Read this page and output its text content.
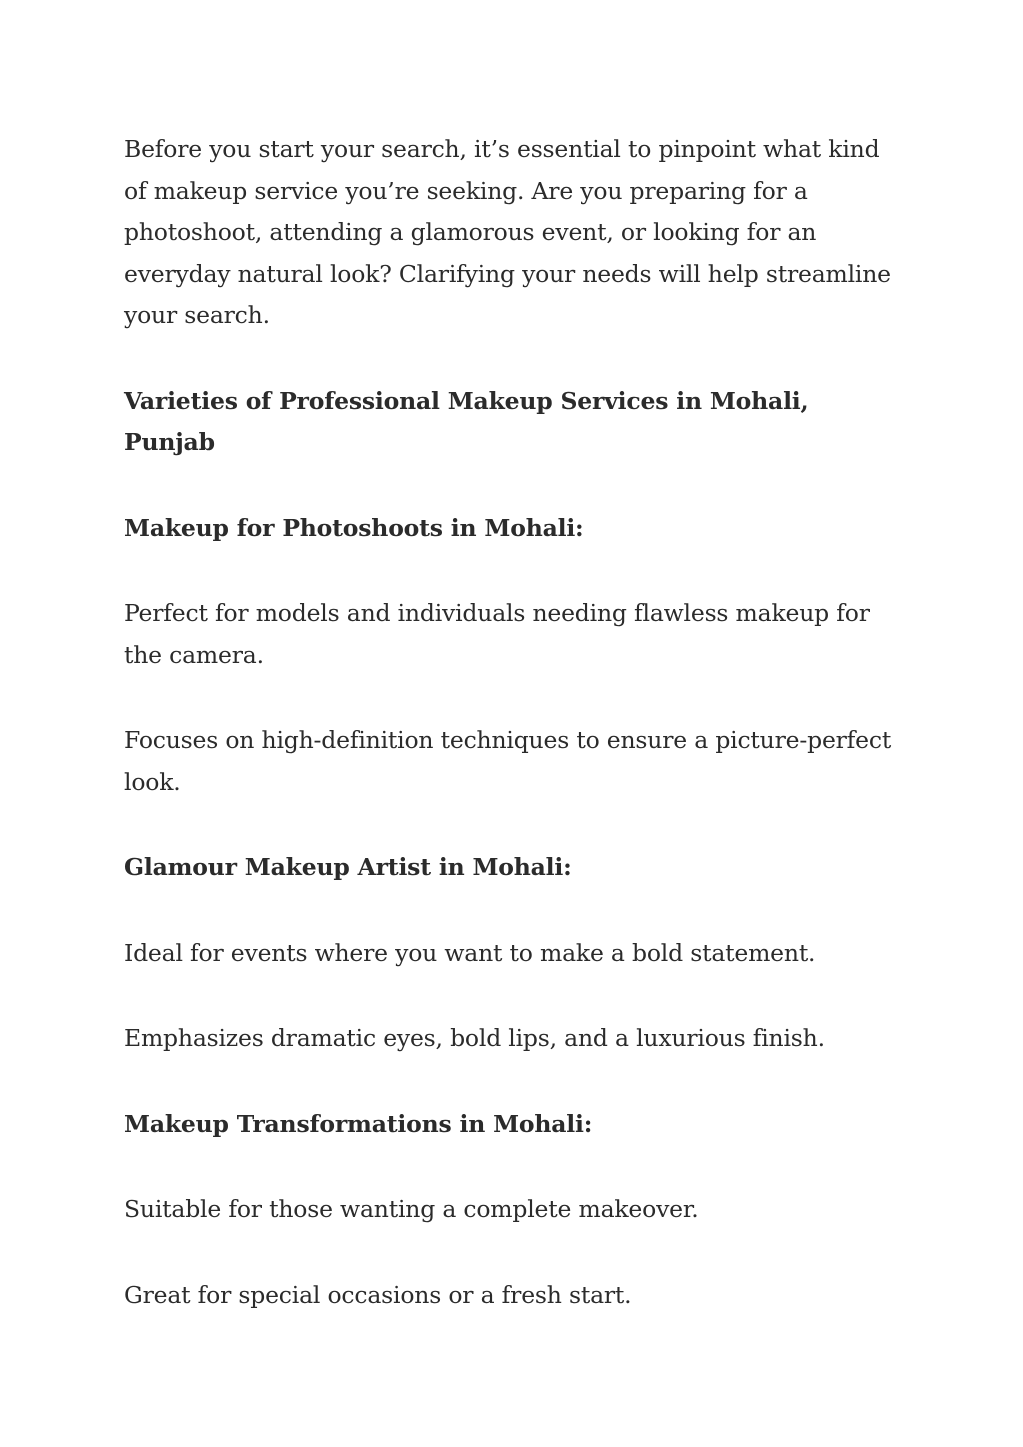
Before you start your search, it’s essential to pinpoint what kind of makeup service you’re seeking. Are you preparing for a photoshoot, attending a glamorous event, or looking for an everyday natural look? Clarifying your needs will help streamline your search.

Varieties of Professional Makeup Services in Mohali, Punjab
Makeup for Photoshoots in Mohali:

Perfect for models and individuals needing flawless makeup for the camera.

Focuses on high-definition techniques to ensure a picture-perfect look.

Glamour Makeup Artist in Mohali:

Ideal for events where you want to make a bold statement.

Emphasizes dramatic eyes, bold lips, and a luxurious finish.

Makeup Transformations in Mohali:

Suitable for those wanting a complete makeover.

Great for special occasions or a fresh start.
